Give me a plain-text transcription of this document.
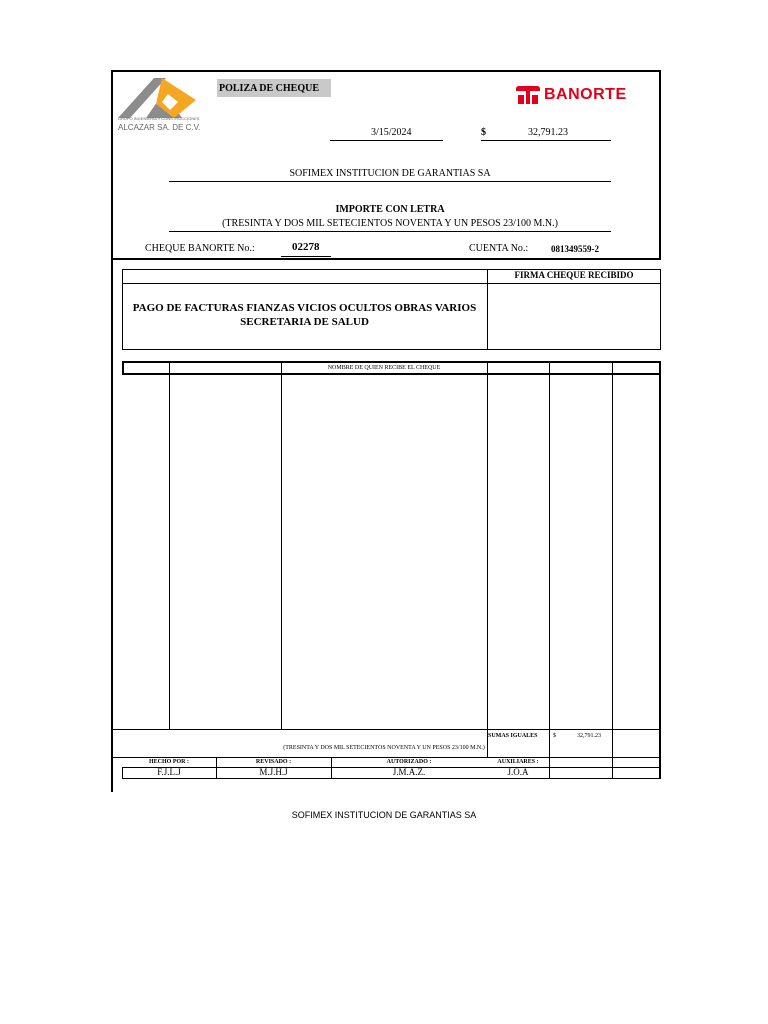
GRUPO INGENIERIA Y CONSTRUCCIONES
ALCAZAR SA. DE C.V.
POLIZA DE CHEQUE	BANORTE
3/15/2024	$	32,791.23
SOFIMEX INSTITUCION DE GARANTIAS SA
IMPORTE CON LETRA
(TRESINTA Y DOS MIL SETECIENTOS NOVENTA Y UN PESOS 23/100 M.N.)
CHEQUE BANORTE No.:	02278	CUENTA No.:	081349559-2
FIRMA CHEQUE RECIBIDO
PAGO DE FACTURAS FIANZAS VICIOS OCULTOS OBRAS VARIOS
SECRETARIA DE SALUD
NOMBRE DE QUIEN RECIBE EL CHEQUE
SUMAS IGUALES	$	32,791.23
(TRESINTA Y DOS MIL SETECIENTOS NOVENTA Y UN PESOS 23/100 M.N.)
HECHO POR :	REVISADO :	AUTORIZADO :	AUXILIARES :
F.J.L.J	M.J.H.J	J.M.A.Z.	J.O.A
SOFIMEX INSTITUCION DE GARANTIAS SA
